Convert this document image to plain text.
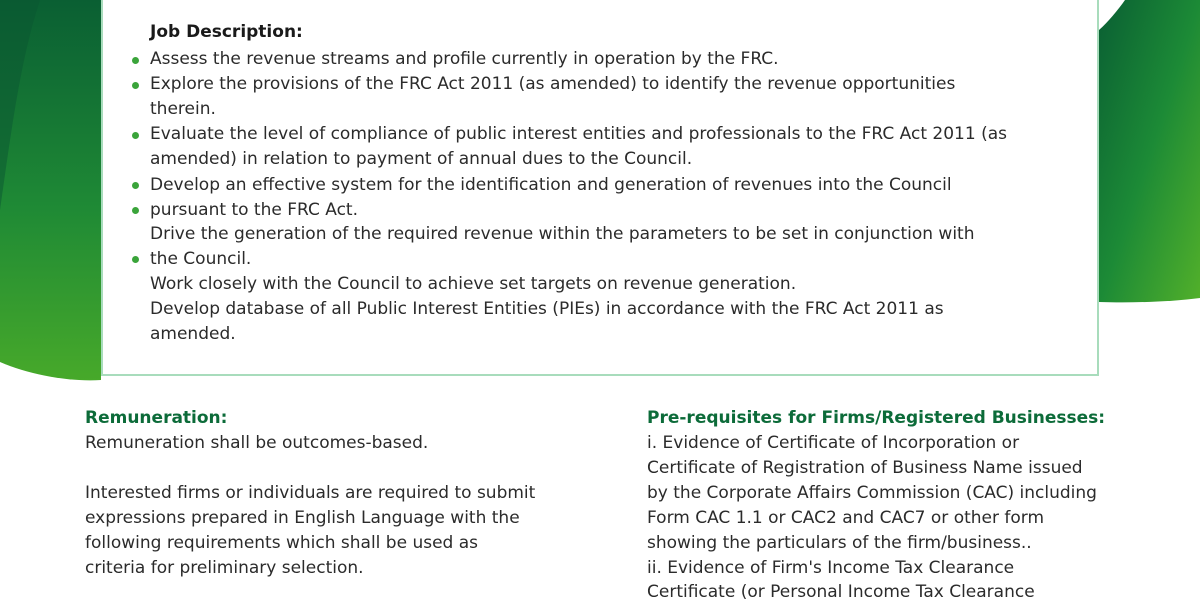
Job Description:
Assess the revenue streams and profile currently in operation by the FRC.
Explore the provisions of the FRC Act 2011 (as amended) to identify the revenue opportunities
therein.
Evaluate the level of compliance of public interest entities and professionals to the FRC Act 2011 (as
amended) in relation to payment of annual dues to the Council.
Develop an effective system for the identification and generation of revenues into the Council
pursuant to the FRC Act.
Drive the generation of the required revenue within the parameters to be set in conjunction with
the Council.
Work closely with the Council to achieve set targets on revenue generation.
Develop database of all Public Interest Entities (PIEs) in accordance with the FRC Act 2011 as
amended.
Remuneration:
Remuneration shall be outcomes-based.
Interested firms or individuals are required to submit
expressions prepared in English Language with the
following requirements which shall be used as
criteria for preliminary selection.
Pre-requisites for Firms/Registered Businesses:
i. Evidence of Certificate of Incorporation or
Certificate of Registration of Business Name issued
by the Corporate Affairs Commission (CAC) including
Form CAC 1.1 or CAC2 and CAC7 or other form
showing the particulars of the firm/business..
ii. Evidence of Firm's Income Tax Clearance
Certificate (or Personal Income Tax Clearance
